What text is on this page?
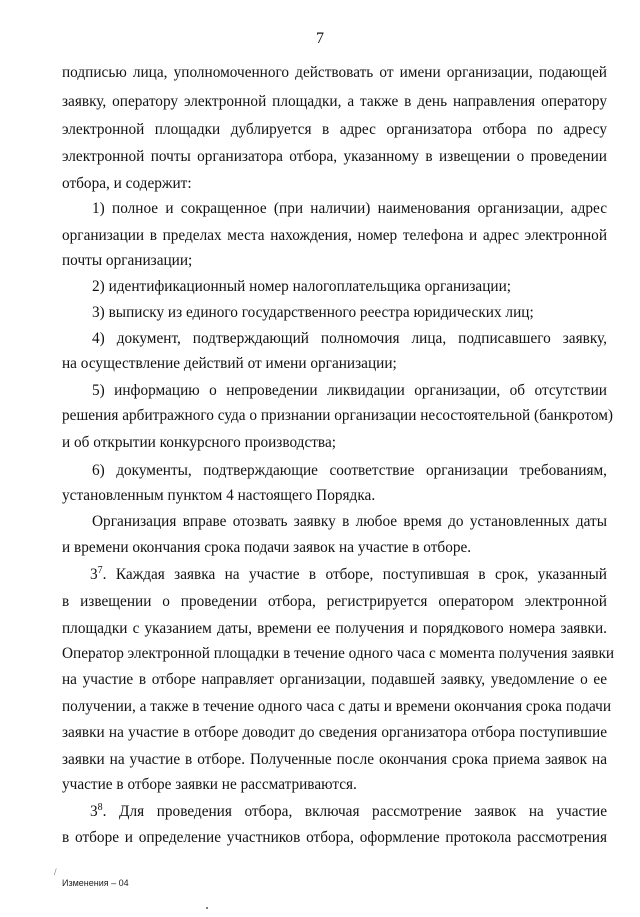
7
подписью лица, уполномоченного действовать от имени организации, подающей
заявку, оператору электронной площадки, а также в день направления оператору
электронной площадки дублируется в адрес организатора отбора по адресу
электронной почты организатора отбора, указанному в извещении о проведении
отбора, и содержит:
1) полное и сокращенное (при наличии) наименования организации, адрес
организации в пределах места нахождения, номер телефона и адрес электронной
почты организации;
2) идентификационный номер налогоплательщика организации;
3) выписку из единого государственного реестра юридических лиц;
4) документ, подтверждающий полномочия лица, подписавшего заявку,
на осуществление действий от имени организации;
5) информацию о непроведении ликвидации организации, об отсутствии
решения арбитражного суда о признании организации несостоятельной (банкротом)
и об открытии конкурсного производства;
6) документы, подтверждающие соответствие организации требованиям,
установленным пунктом 4 настоящего Порядка.
Организация вправе отозвать заявку в любое время до установленных даты
и времени окончания срока подачи заявок на участие в отборе.
$3^7$. Каждая заявка на участие в отборе, поступившая в срок, указанный
в извещении о проведении отбора, регистрируется оператором электронной
площадки с указанием даты, времени ее получения и порядкового номера заявки.
Оператор электронной площадки в течение одного часа с момента получения заявки
на участие в отборе направляет организации, подавшей заявку, уведомление о ее
получении, а также в течение одного часа с даты и времени окончания срока подачи
заявки на участие в отборе доводит до сведения организатора отбора поступившие
заявки на участие в отборе. Полученные после окончания срока приема заявок на
участие в отборе заявки не рассматриваются.
$3^8$. Для проведения отбора, включая рассмотрение заявок на участие
в отборе и определение участников отбора, оформление протокола рассмотрения
/
Изменения – 04
